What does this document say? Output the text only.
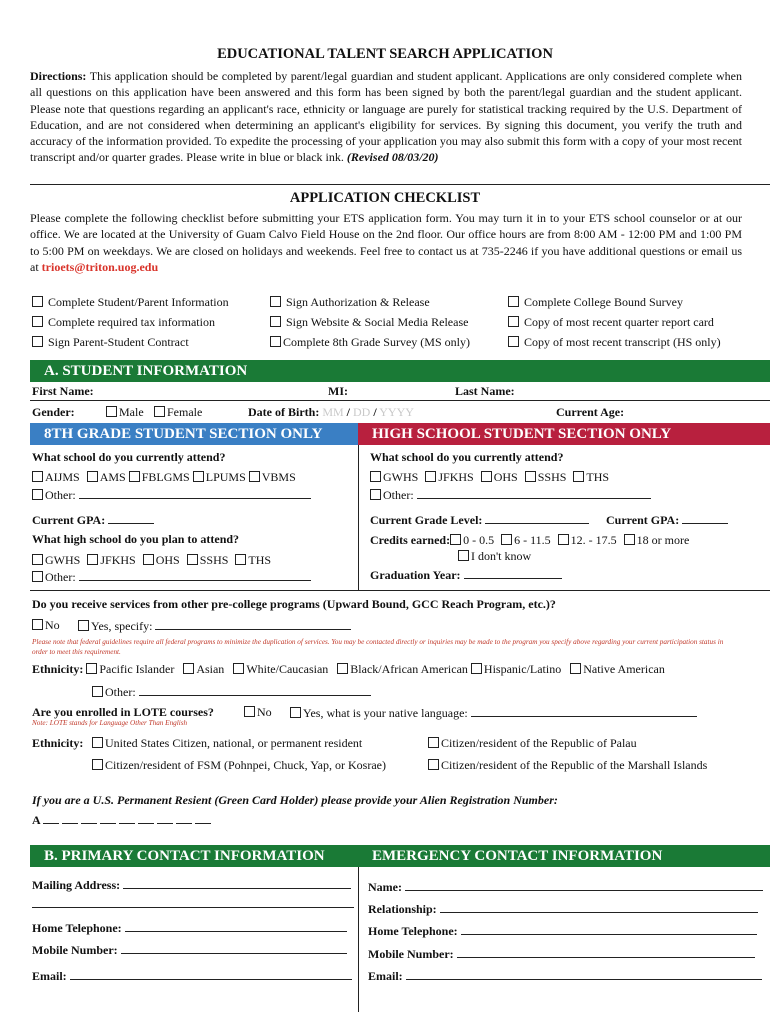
EDUCATIONAL TALENT SEARCH APPLICATION
Directions: This application should be completed by parent/legal guardian and student applicant. Applications are only considered complete when all questions on this application have been answered and this form has been signed by both the parent/legal guardian and the student applicant. Please note that questions regarding an applicant's race, ethnicity or language are purely for statistical tracking required by the U.S. Department of Education, and are not considered when determining an applicant's eligibility for services. By signing this document, you verify the truth and accuracy of the information provided. To expedite the processing of your application you may also submit this form with a copy of your most recent transcript and/or quarter grades. Please write in blue or black ink. (Revised 08/03/20)
APPLICATION CHECKLIST
Please complete the following checklist before submitting your ETS application form. You may turn it in to your ETS school counselor or at our office. We are located at the University of Guam Calvo Field House on the 2nd floor. Our office hours are from 8:00 AM - 12:00 PM and 1:00 PM to 5:00 PM on weekdays. We are closed on holidays and weekends. Feel free to contact us at 735-2246 if you have additional questions or email us at trioets@triton.uog.edu
Complete Student/Parent Information	Sign Authorization & Release	Complete College Bound Survey
Complete required tax information	Sign Website & Social Media Release	Copy of most recent quarter report card
Sign Parent-Student Contract	Complete 8th Grade Survey (MS only)	Copy of most recent transcript (HS only)
A. STUDENT INFORMATION
First Name:	MI:	Last Name:
Gender:	Male	Female	Date of Birth: MM / DD / YYYY	Current Age:
8TH GRADE STUDENT SECTION ONLY	HIGH SCHOOL STUDENT SECTION ONLY
What school do you currently attend?
AIJMS AMS FBLGMS LPUMS VBMS
Other:
Current GPA:
What high school do you plan to attend?
GWHS JFKHS OHS SSHS THS
Other:
What school do you currently attend?
GWHS JFKHS OHS SSHS THS
Other:
Current Grade Level:	Current GPA:
Credits earned: 0 - 0.5 6 - 11.5 12. - 17.5 18 or more
I don't know
Graduation Year:
Do you receive services from other pre-college programs (Upward Bound, GCC Reach Program, etc.)?
No	Yes, specify:
Please note that federal guidelines require all federal programs to minimize the duplication of services. You may be contacted directly or inquiries may be made to the program you specify above regarding your current participation status in order to meet this requirement.
Ethnicity: Pacific Islander Asian White/Caucasian Black/African American Hispanic/Latino Native American
Other:
Are you enrolled in LOTE courses?	No	Yes, what is your native language:
Note: LOTE stands for Language Other Than English
Ethnicity:	United States Citizen, national, or permanent resident	Citizen/resident of the Republic of Palau
Citizen/resident of FSM (Pohnpei, Chuck, Yap, or Kosrae)	Citizen/resident of the Republic of the Marshall Islands
If you are a U.S. Permanent Resient (Green Card Holder) please provide your Alien Registration Number:
A
B. PRIMARY CONTACT INFORMATION	EMERGENCY CONTACT INFORMATION
Mailing Address:
Home Telephone:
Mobile Number:
Email:
Name:
Relationship:
Home Telephone:
Mobile Number:
Email:
